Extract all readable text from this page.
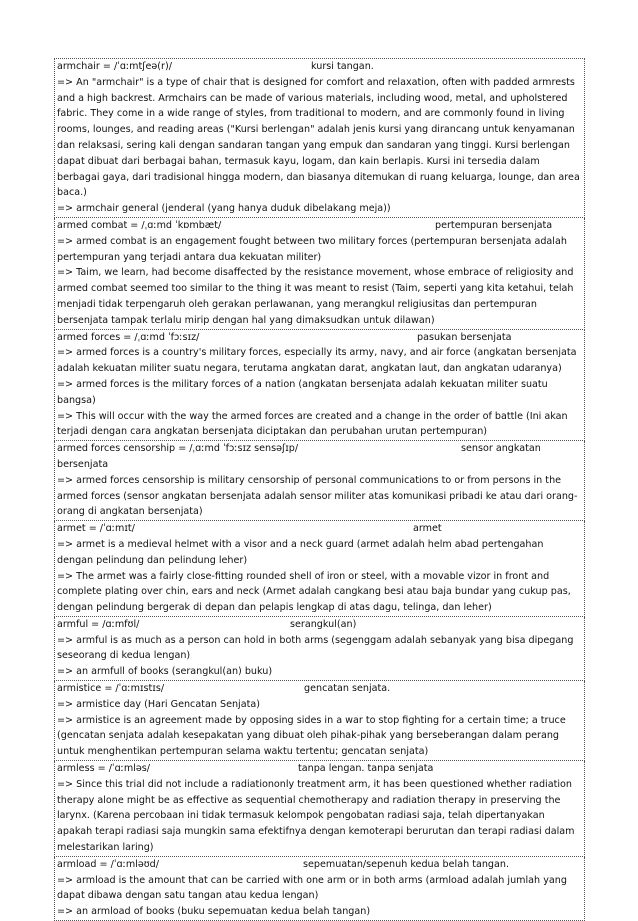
armchair = /ˈɑːmtʃeə(r)/	kursi tangan.

=> An "armchair" is a type of chair that is designed for comfort and relaxation, often with padded armrests and a high backrest. Armchairs can be made of various materials, including wood, metal, and upholstered fabric. They come in a wide range of styles, from traditional to modern, and are commonly found in living rooms, lounges, and reading areas ("Kursi berlengan" adalah jenis kursi yang dirancang untuk kenyamanan dan relaksasi, sering kali dengan sandaran tangan yang empuk dan sandaran yang tinggi. Kursi berlengan dapat dibuat dari berbagai bahan, termasuk kayu, logam, dan kain berlapis. Kursi ini tersedia dalam berbagai gaya, dari tradisional hingga modern, dan biasanya ditemukan di ruang keluarga, lounge, dan area baca.)

=> armchair general (jenderal (yang hanya duduk dibelakang meja))

armed combat = /ˌɑːmd ˈkɒmbæt/	pertempuran bersenjata

=> armed combat is an engagement fought between two military forces (pertempuran bersenjata adalah pertempuran yang terjadi antara dua kekuatan militer)

=> Taim, we learn, had become disaffected by the resistance movement, whose embrace of religiosity and armed combat seemed too similar to the thing it was meant to resist (Taim, seperti yang kita ketahui, telah menjadi tidak terpengaruh oleh gerakan perlawanan, yang merangkul religiusitas dan pertempuran bersenjata tampak terlalu mirip dengan hal yang dimaksudkan untuk dilawan)

armed forces = /ˌɑːmd ˈfɔːsɪz/	pasukan bersenjata

=> armed forces is a country's military forces, especially its army, navy, and air force (angkatan bersenjata adalah kekuatan militer suatu negara, terutama angkatan darat, angkatan laut, dan angkatan udaranya)

=> armed forces is the military forces of a nation (angkatan bersenjata adalah kekuatan militer suatu bangsa)

=> This will occur with the way the armed forces are created and a change in the order of battle (Ini akan terjadi dengan cara angkatan bersenjata diciptakan dan perubahan urutan pertempuran)

armed forces censorship = /ˌɑːmd ˈfɔːsɪz sensəʃɪp/	sensor angkatan

bersenjata

=> armed forces censorship is military censorship of personal communications to or from persons in the armed forces (sensor angkatan bersenjata adalah sensor militer atas komunikasi pribadi ke atau dari orang-orang di angkatan bersenjata)

armet = /ˈɑːmɪt/	armet

=> armet is a medieval helmet with a visor and a neck guard (armet adalah helm abad pertengahan dengan pelindung dan pelindung leher)

=> The armet was a fairly close-fitting rounded shell of iron or steel, with a movable vizor in front and complete plating over chin, ears and neck (Armet adalah cangkang besi atau baja bundar yang cukup pas, dengan pelindung bergerak di depan dan pelapis lengkap di atas dagu, telinga, dan leher)

armful = /ɑːmfʊl/	serangkul(an)

=> armful is as much as a person can hold in both arms (segenggam adalah sebanyak yang bisa dipegang seseorang di kedua lengan)

=> an armfull of books (serangkul(an) buku)

armistice = /ˈɑːmɪstɪs/	gencatan senjata.

=> armistice day (Hari Gencatan Senjata)

=> armistice is an agreement made by opposing sides in a war to stop fighting for a certain time; a truce (gencatan senjata adalah kesepakatan yang dibuat oleh pihak-pihak yang berseberangan dalam perang untuk menghentikan pertempuran selama waktu tertentu; gencatan senjata)

armless = /ˈɑːmləs/	tanpa lengan. tanpa senjata

=> Since this trial did not include a radiationonly treatment arm, it has been questioned whether radiation therapy alone might be as effective as sequential chemotherapy and radiation therapy in preserving the larynx. (Karena percobaan ini tidak termasuk kelompok pengobatan radiasi saja, telah dipertanyakan apakah terapi radiasi saja mungkin sama efektifnya dengan kemoterapi berurutan dan terapi radiasi dalam melestarikan laring)

armload = /ˈɑːmləʊd/	sepemuatan/sepenuh kedua belah tangan.

=> armload is the amount that can be carried with one arm or in both arms (armload adalah jumlah yang dapat dibawa dengan satu tangan atau kedua lengan)

=> an armload of books (buku sepemuatan kedua belah tangan)
